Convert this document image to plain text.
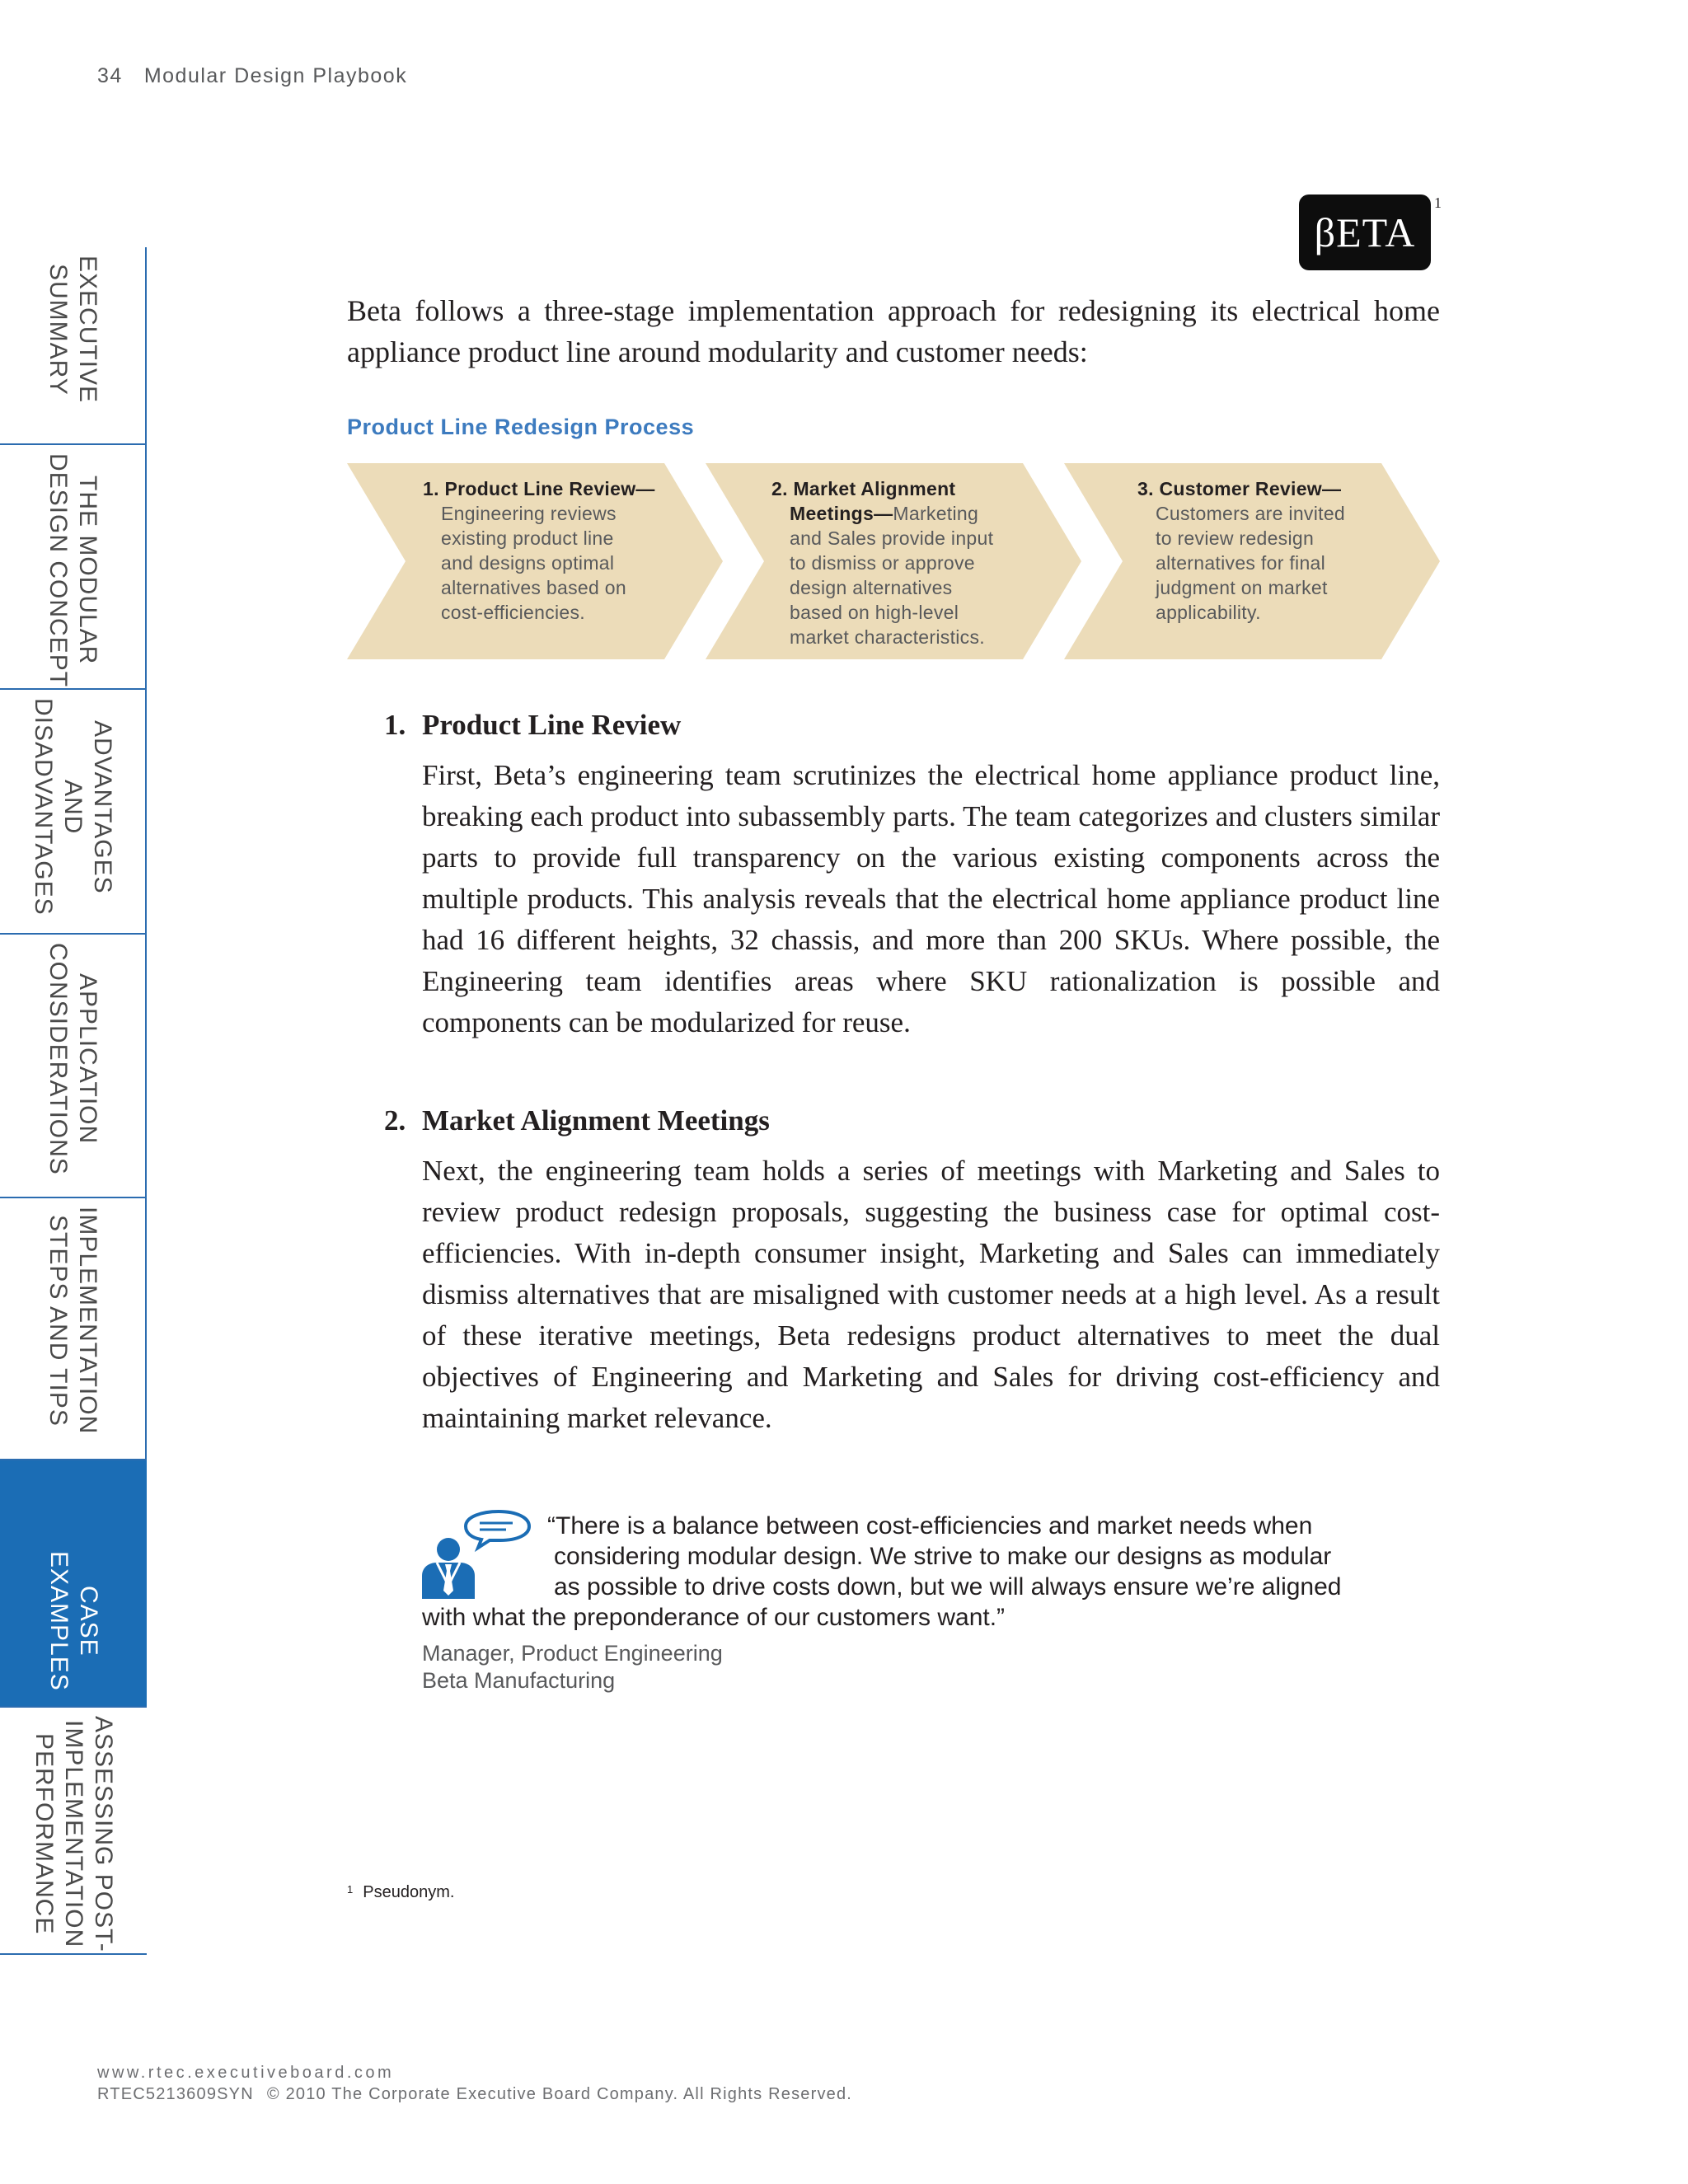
34 Modular Design Playbook
EXECUTIVE
SUMMARY
THE MODULAR
DESIGN CONCEPT
ADVANTAGES
AND
DISADVANTAGES
APPLICATION
CONSIDERATIONS
IMPLEMENTATION
STEPS AND TIPS
CASE
EXAMPLES
ASSESSING POST-
IMPLEMENTATION
PERFORMANCE
βETA
1
Beta follows a three-stage implementation approach for redesigning its electrical home appliance product line around modularity and customer needs:
Product Line Redesign Process
1. Product Line Review—
Engineering reviews
existing product line
and designs optimal
alternatives based on
cost-efficiencies.
2. Market Alignment
Meetings—Marketing
and Sales provide input
to dismiss or approve
design alternatives
based on high-level
market characteristics.
3. Customer Review—
Customers are invited
to review redesign
alternatives for final
judgment on market
applicability.
1. Product Line Review
First, Beta’s engineering team scrutinizes the electrical home appliance product line, breaking each product into subassembly parts. The team categorizes and clusters similar parts to provide full transparency on the various existing components across the multiple products. This analysis reveals that the electrical home appliance product line had 16 different heights, 32 chassis, and more than 200 SKUs. Where possible, the Engineering team identifies areas where SKU rationalization is possible and components can be modularized for reuse.
2. Market Alignment Meetings
Next, the engineering team holds a series of meetings with Marketing and Sales to review product redesign proposals, suggesting the business case for optimal cost-efficiencies. With in-depth consumer insight, Marketing and Sales can immediately dismiss alternatives that are misaligned with customer needs at a high level. As a result of these iterative meetings, Beta redesigns product alternatives to meet the dual objectives of Engineering and Marketing and Sales for driving cost-efficiency and maintaining market relevance.
“There is a balance between cost-efficiencies and market needs when
considering modular design. We strive to make our designs as modular
as possible to drive costs down, but we will always ensure we’re aligned
with what the preponderance of our customers want.”
Manager, Product Engineering
Beta Manufacturing
$^1$ Pseudonym.
www.rtec.executiveboard.com
RTEC5213609SYN © 2010 The Corporate Executive Board Company. All Rights Reserved.
